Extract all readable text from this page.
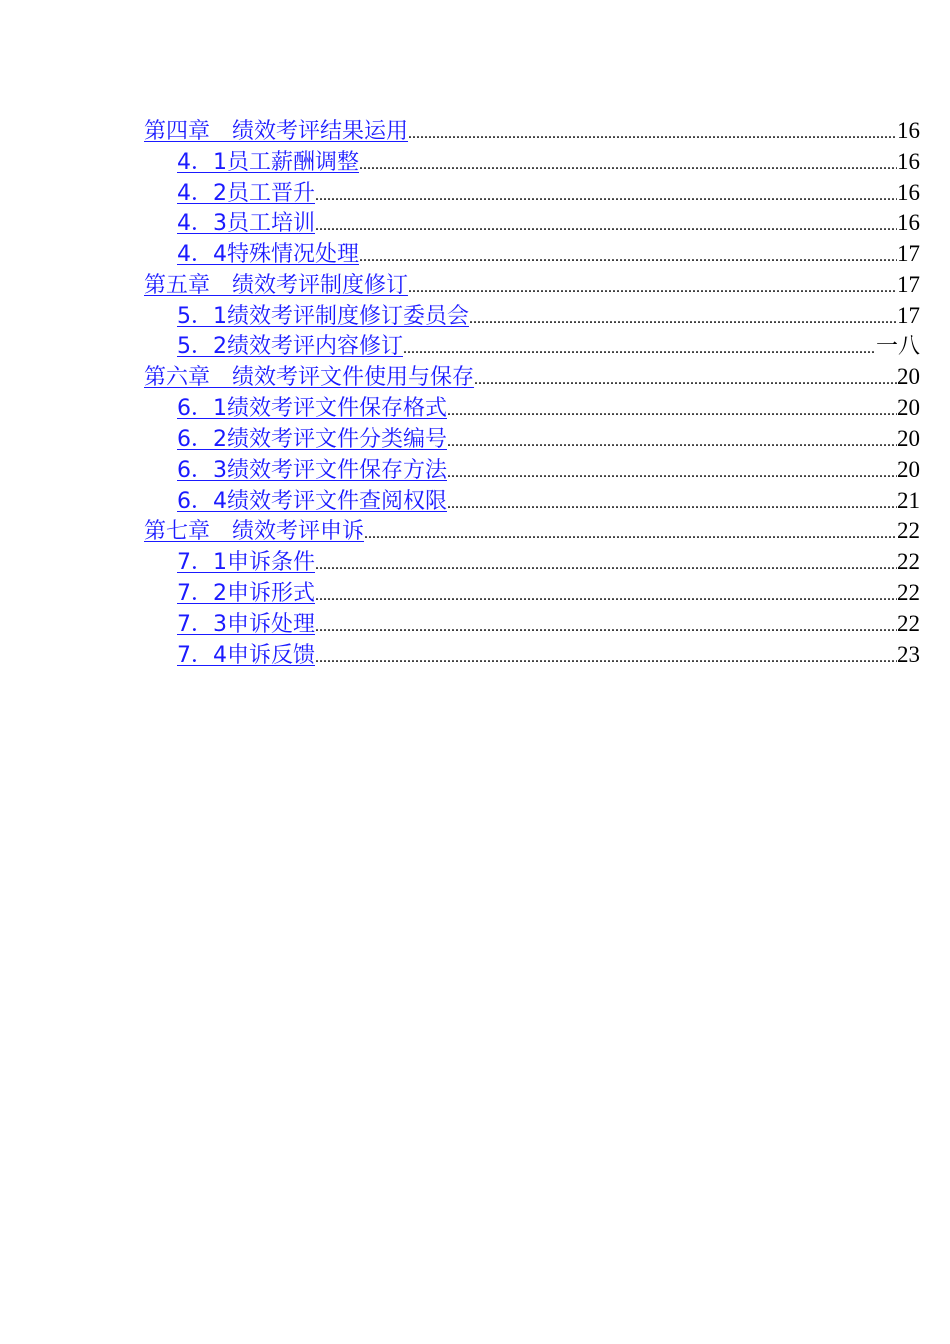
第四章　绩效考评结果运用 .....	16
4．1员工薪酬调整 .....	16
4．2员工晋升 .....	16
4．3员工培训 .....	16
4．4特殊情况处理 .....	17
第五章　绩效考评制度修订 .....	17
5．1绩效考评制度修订委员会 .....	17
5．2绩效考评内容修订 .....	一八
第六章　绩效考评文件使用与保存 .....	20
6．1绩效考评文件保存格式 .....	20
6．2绩效考评文件分类编号 .....	20
6．3绩效考评文件保存方法 .....	20
6．4绩效考评文件查阅权限 .....	21
第七章　绩效考评申诉 .....	22
7．1申诉条件 .....	22
7．2申诉形式 .....	22
7．3申诉处理 .....	22
7．4申诉反馈 .....	23
